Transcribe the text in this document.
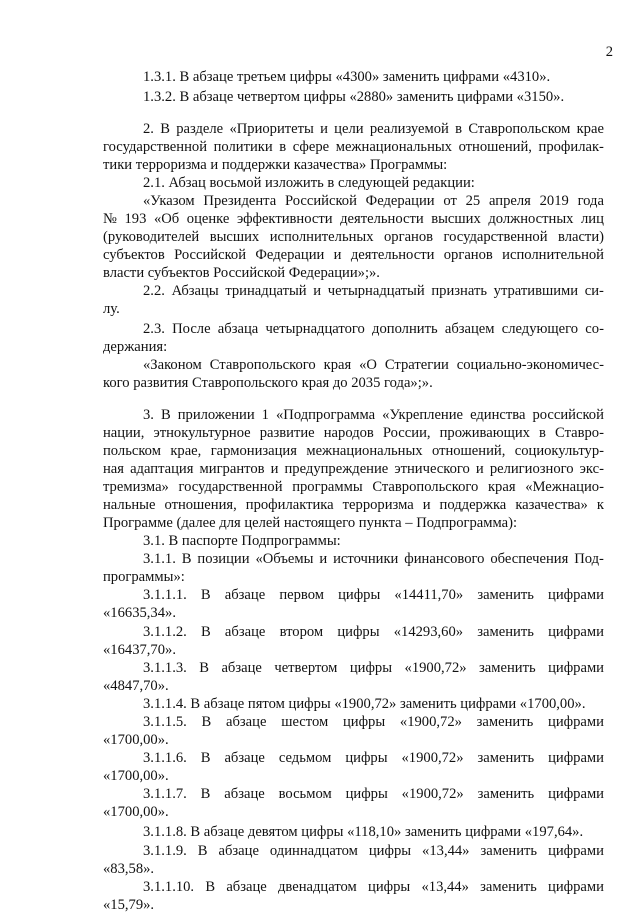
2
1.3.1. В абзаце третьем цифры «4300» заменить цифрами «4310».
1.3.2. В абзаце четвертом цифры «2880» заменить цифрами «3150».
2. В разделе «Приоритеты и цели реализуемой в Ставропольском крае
государственной политики в сфере межнациональных отношений, профилак-
тики терроризма и поддержки казачества» Программы:
2.1. Абзац восьмой изложить в следующей редакции:
«Указом Президента Российской Федерации от 25 апреля 2019 года
№ 193 «Об оценке эффективности деятельности высших должностных лиц
(руководителей высших исполнительных органов государственной власти)
субъектов Российской Федерации и деятельности органов исполнительной
власти субъектов Российской Федерации»;».
2.2. Абзацы тринадцатый и четырнадцатый признать утратившими си-
лу.
2.3. После абзаца четырнадцатого дополнить абзацем следующего со-
держания:
«Законом Ставропольского края «О Стратегии социально-экономичес-
кого развития Ставропольского края до 2035 года»;».
3. В приложении 1 «Подпрограмма «Укрепление единства российской
нации, этнокультурное развитие народов России, проживающих в Ставро-
польском крае, гармонизация межнациональных отношений, социокультур-
ная адаптация мигрантов и предупреждение этнического и религиозного экс-
тремизма» государственной программы Ставропольского края «Межнацио-
нальные отношения, профилактика терроризма и поддержка казачества» к
Программе (далее для целей настоящего пункта – Подпрограмма):
3.1. В паспорте Подпрограммы:
3.1.1. В позиции «Объемы и источники финансового обеспечения Под-
программы»:
3.1.1.1. В абзаце первом цифры «14411,70» заменить цифрами
«16635,34».
3.1.1.2. В абзаце втором цифры «14293,60» заменить цифрами
«16437,70».
3.1.1.3. В абзаце четвертом цифры «1900,72» заменить цифрами
«4847,70».
3.1.1.4. В абзаце пятом цифры «1900,72» заменить цифрами «1700,00».
3.1.1.5. В абзаце шестом цифры «1900,72» заменить цифрами
«1700,00».
3.1.1.6. В абзаце седьмом цифры «1900,72» заменить цифрами
«1700,00».
3.1.1.7. В абзаце восьмом цифры «1900,72» заменить цифрами
«1700,00».
3.1.1.8. В абзаце девятом цифры «118,10» заменить цифрами «197,64».
3.1.1.9. В абзаце одиннадцатом цифры «13,44» заменить цифрами
«83,58».
3.1.1.10. В абзаце двенадцатом цифры «13,44» заменить цифрами
«15,79».
